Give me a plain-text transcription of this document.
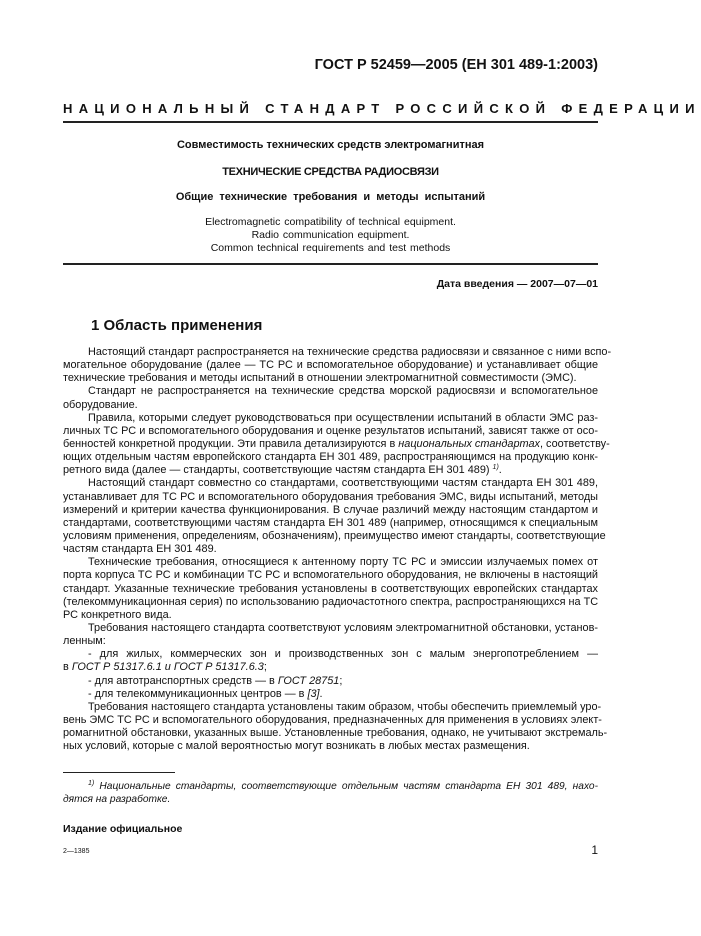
ГОСТ Р 52459—2005 (ЕН 301 489-1:2003)
НАЦИОНАЛЬНЫЙ СТАНДАРТ РОССИЙСКОЙ ФЕДЕРАЦИИ
Совместимость технических средств электромагнитная
ТЕХНИЧЕСКИЕ СРЕДСТВА РАДИОСВЯЗИ
Общие технические требования и методы испытаний
Electromagnetic compatibility of technical equipment.
Radio communication equipment.
Common technical requirements and test methods
Дата введения — 2007—07—01
1 Область применения
Настоящий стандарт распространяется на технические средства радиосвязи и связанное с ними вспо-
могательное оборудование (далее — ТС РС и вспомогательное оборудование) и устанавливает общие
технические требования и методы испытаний в отношении электромагнитной совместимости (ЭМС).
Стандарт не распространяется на технические средства морской радиосвязи и вспомогательное
оборудование.
Правила, которыми следует руководствоваться при осуществлении испытаний в области ЭМС раз-
личных ТС РС и вспомогательного оборудования и оценке результатов испытаний, зависят также от осо-
бенностей конкретной продукции. Эти правила детализируются в национальных стандартах, соответству-
ющих отдельным частям европейского стандарта ЕН 301 489, распространяющимся на продукцию конк-
ретного вида (далее — стандарты, соответствующие частям стандарта ЕН 301 489) $^{1)}$.
Настоящий стандарт совместно со стандартами, соответствующими частям стандарта ЕН 301 489,
устанавливает для ТС РС и вспомогательного оборудования требования ЭМС, виды испытаний, методы
измерений и критерии качества функционирования. В случае различий между настоящим стандартом и
стандартами, соответствующими частям стандарта ЕН 301 489 (например, относящимся к специальным
условиям применения, определениям, обозначениям), преимущество имеют стандарты, соответствующие
частям стандарта ЕН 301 489.
Технические требования, относящиеся к антенному порту ТС РС и эмиссии излучаемых помех от
порта корпуса ТС РС и комбинации ТС РС и вспомогательного оборудования, не включены в настоящий
стандарт. Указанные технические требования установлены в соответствующих европейских стандартах
(телекоммуникационная серия) по использованию радиочастотного спектра, распространяющихся на ТС
РС конкретного вида.
Требования настоящего стандарта соответствуют условиям электромагнитной обстановки, установ-
ленным:
- для жилых, коммерческих зон и производственных зон с малым энергопотреблением —
в ГОСТ Р 51317.6.1 и ГОСТ Р 51317.6.3;
- для автотранспортных средств — в ГОСТ 28751;
- для телекоммуникационных центров — в [3].
Требования настоящего стандарта установлены таким образом, чтобы обеспечить приемлемый уро-
вень ЭМС ТС РС и вспомогательного оборудования, предназначенных для применения в условиях элект-
ромагнитной обстановки, указанных выше. Установленные требования, однако, не учитывают экстремаль-
ных условий, которые с малой вероятностью могут возникать в любых местах размещения.
$^{1)}$ Национальные стандарты, соответствующие отдельным частям стандарта ЕН 301 489, нахо-
дятся на разработке.
Издание официальное
2—1385	1
